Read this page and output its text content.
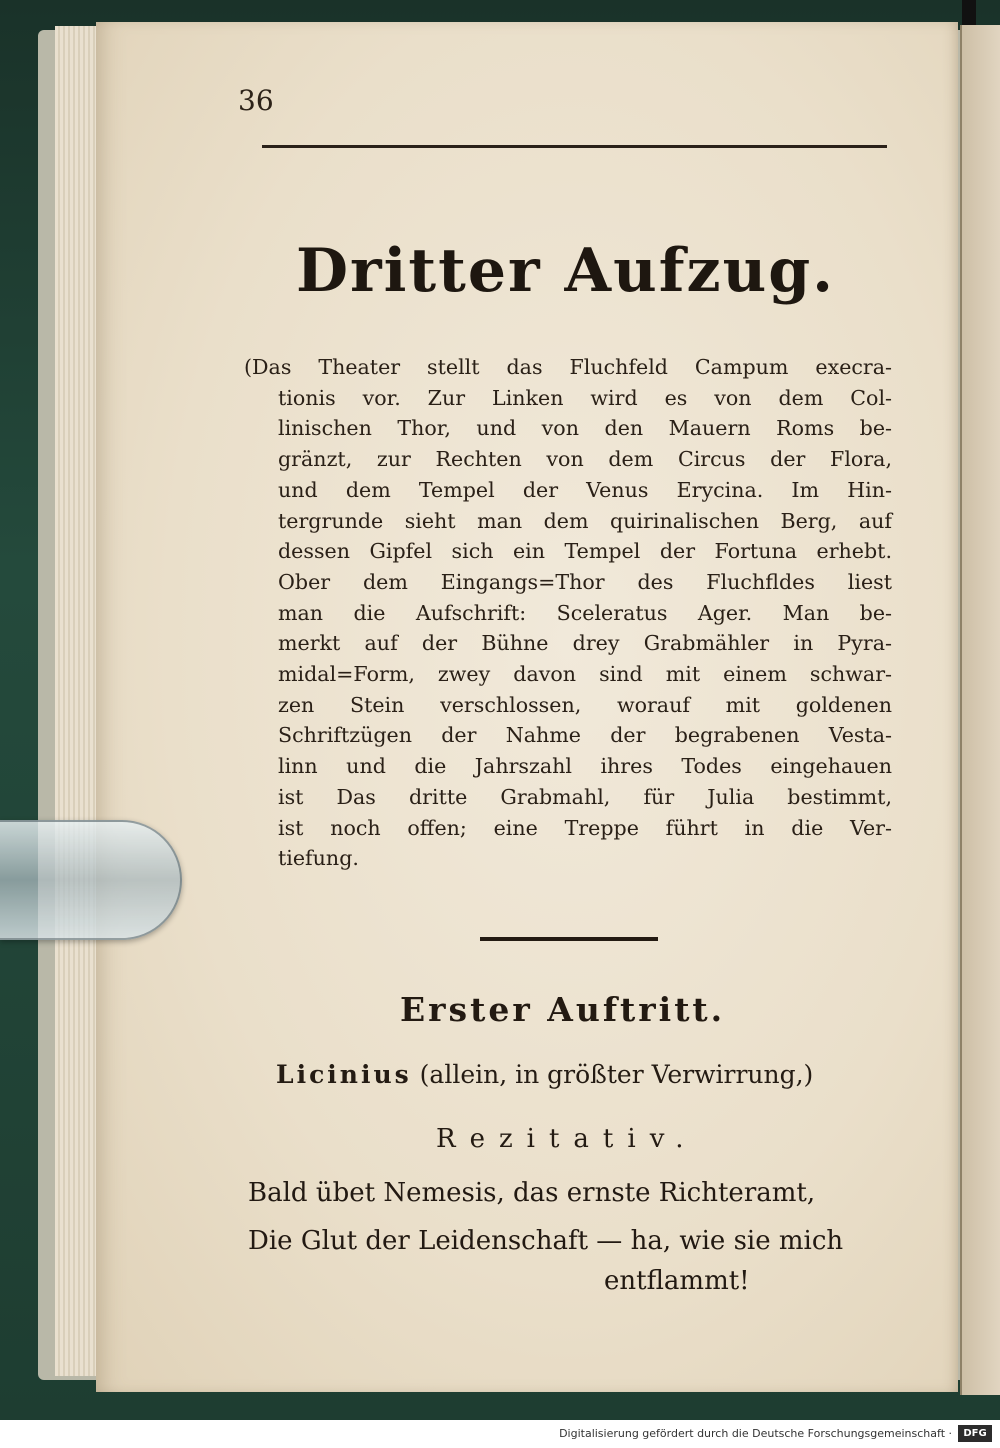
36
Dritter Aufzug.
(Das Theater stellt das Fluchfeld Campum execra-
tionis vor. Zur Linken wird es von dem Col-
linischen Thor, und von den Mauern Roms be-
gränzt, zur Rechten von dem Circus der Flora,
und dem Tempel der Venus Erycina. Im Hin-
tergrunde sieht man dem quirinalischen Berg, auf
dessen Gipfel sich ein Tempel der Fortuna erhebt.
Ober dem Eingangs=Thor des Fluchfldes liest
man die Aufschrift: Sceleratus Ager. Man be-
merkt auf der Bühne drey Grabmähler in Pyra-
midal=Form, zwey davon sind mit einem schwar-
zen Stein verschlossen, worauf mit goldenen
Schriftzügen der Nahme der begrabenen Vesta-
linn und die Jahrszahl ihres Todes eingehauen
ist Das dritte Grabmahl, für Julia bestimmt,
ist noch offen; eine Treppe führt in die Ver-
tiefung.
Erster Auftritt.
Licinius (allein, in größter Verwirrung,)
Rezitativ.
Bald übet Nemesis, das ernste Richteramt,
Die Glut der Leidenschaft — ha, wie sie mich
entflammt!
Digitalisierung gefördert durch die Deutsche Forschungsgemeinschaft ·	DFG
